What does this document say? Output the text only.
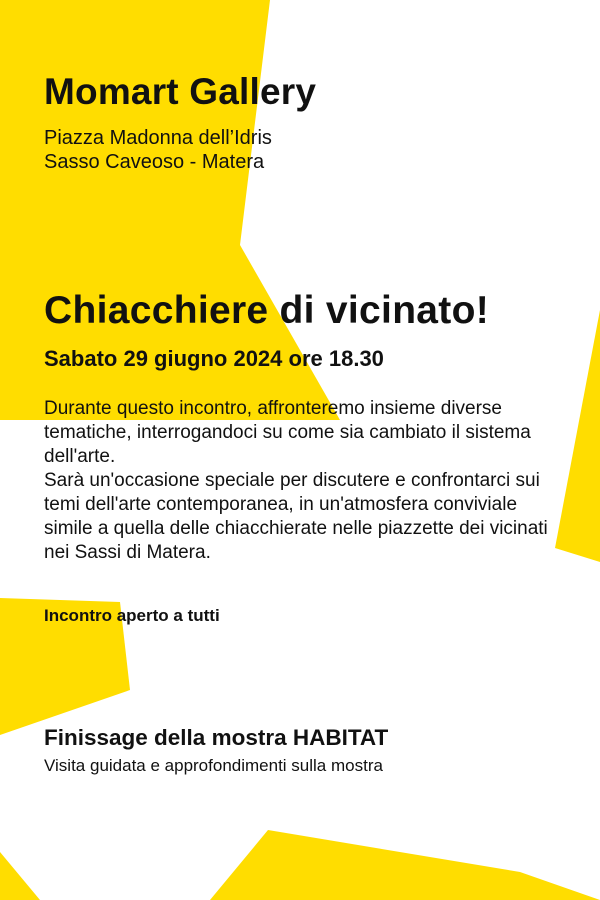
Momart Gallery
Piazza Madonna dell’Idris
Sasso Caveoso - Matera
Chiacchiere di vicinato!
Sabato 29 giugno 2024 ore 18.30

Durante questo incontro, affronteremo insieme diverse tematiche, interrogandoci su come sia cambiato il sistema dell'arte.

Sarà un'occasione speciale per discutere e confrontarci sui temi dell'arte contemporanea, in un'atmosfera conviviale simile a quella delle chiacchierate nelle piazzette dei vicinati nei Sassi di Matera.

Incontro aperto a tutti
Finissage della mostra HABITAT
Visita guidata e approfondimenti sulla mostra
